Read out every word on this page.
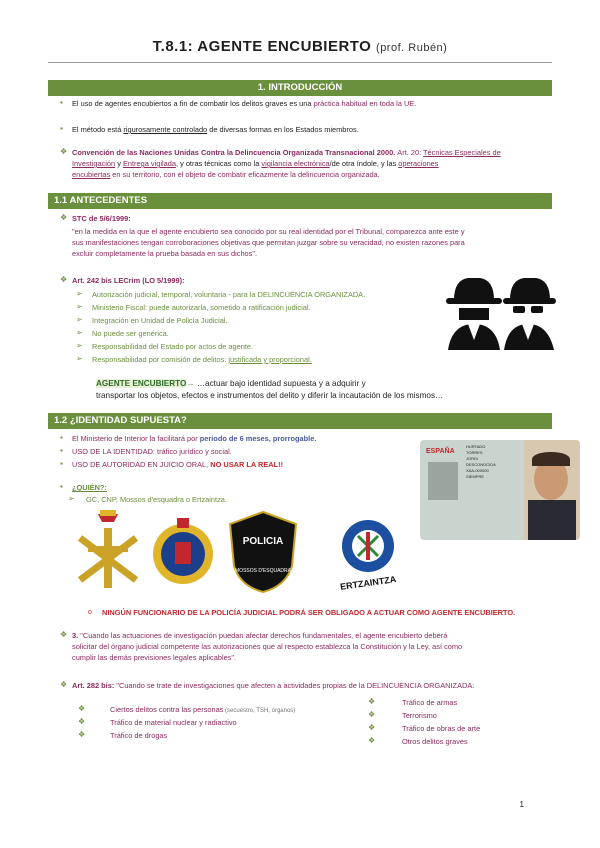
T.8.1: AGENTE ENCUBIERTO (prof. Rubén)
1. INTRODUCCIÓN
▪ El uso de agentes encubiertos a fin de combatir los delitos graves es una práctica habitual en toda la UE.
▪ El método está rigurosamente controlado de diversas formas en los Estados miembros.
❖ Convención de las Naciones Unidas Contra la Delincuencia Organizada Transnacional 2000. Art. 20: Técnicas Especiales de
Investigación y Entrega vigilada, y otras técnicas como la vigilancia electrónica/de otra índole, y las operaciones
encubiertas en su territorio, con el objeto de combatir eficazmente la delincuencia organizada.
1.1 ANTECEDENTES
❖ STC de 5/6/1999:
"en la medida en la que el agente encubierto sea conocido por su real identidad por el Tribunal, comparezca ante este y
sus manifestaciones tengan corroboraciones objetivas que permitan juzgar sobre su veracidad, no existen razones para
excluir completamente la prueba basada en sus dichos".
❖ Art. 242 bis LECrim (LO 5/1999):
➢ Autorización judicial, temporal, voluntaria - para la DELINCUENCIA ORGANIZADA.
➢ Ministerio Fiscal: puede autorizarla, sometido a ratificación judicial.
➢ Integración en Unidad de Policía Judicial.
➢ No puede ser genérica.
➢ Responsabilidad del Estado por actos de agente.
➢ Responsabilidad por comisión de delitos: justificada y proporcional.
AGENTE ENCUBIERTO→ …actuar bajo identidad supuesta y a adquirir y
transportar los objetos, efectos e instrumentos del delito y diferir la incautación de los mismos…
1.2 ¿IDENTIDAD SUPUESTA?
▪ El Ministerio de Interior la facilitará por periodo de 6 meses, prorrogable.
▪ USO DE LA IDENTIDAD: tráfico jurídico y social.
▪ USO DE AUTORIDAD EN JUICIO ORAL, NO USAR LA REAL!!
▪ ¿QUIÉN?:
➢ GC, CNP, Mossos d'esquadra o Ertzaintza.
ESPAÑA
HURTADO
TORRES
JORDI
DESCONOCIDA
XAA-000000
SIEMPRE
POLICIA
MOSSOS D'ESQUADRA
ERTZAINTZA
o NINGÚN FUNCIONARIO DE LA POLICÍA JUDICIAL PODRÁ SER OBLIGADO A ACTUAR COMO AGENTE ENCUBIERTO.
❖ 3. "Cuando las actuaciones de investigación puedan afectar derechos fundamentales, el agente encubierto deberá
solicitar del órgano judicial competente las autorizaciones que al respecto establezca la Constitución y la Ley, así como
cumplir las demás previsiones legales aplicables".
❖ Art. 282 bis: "Cuando se trate de investigaciones que afecten a actividades propias de la DELINCUENCIA ORGANIZADA:
❖	Ciertos delitos contra las personas (secuestro, TSH, órganos)
❖	Tráfico de material nuclear y radiactivo
❖	Tráfico de drogas
❖	Tráfico de armas
❖	Terrorismo
❖	Tráfico de obras de arte
❖	Otros delitos graves
1
